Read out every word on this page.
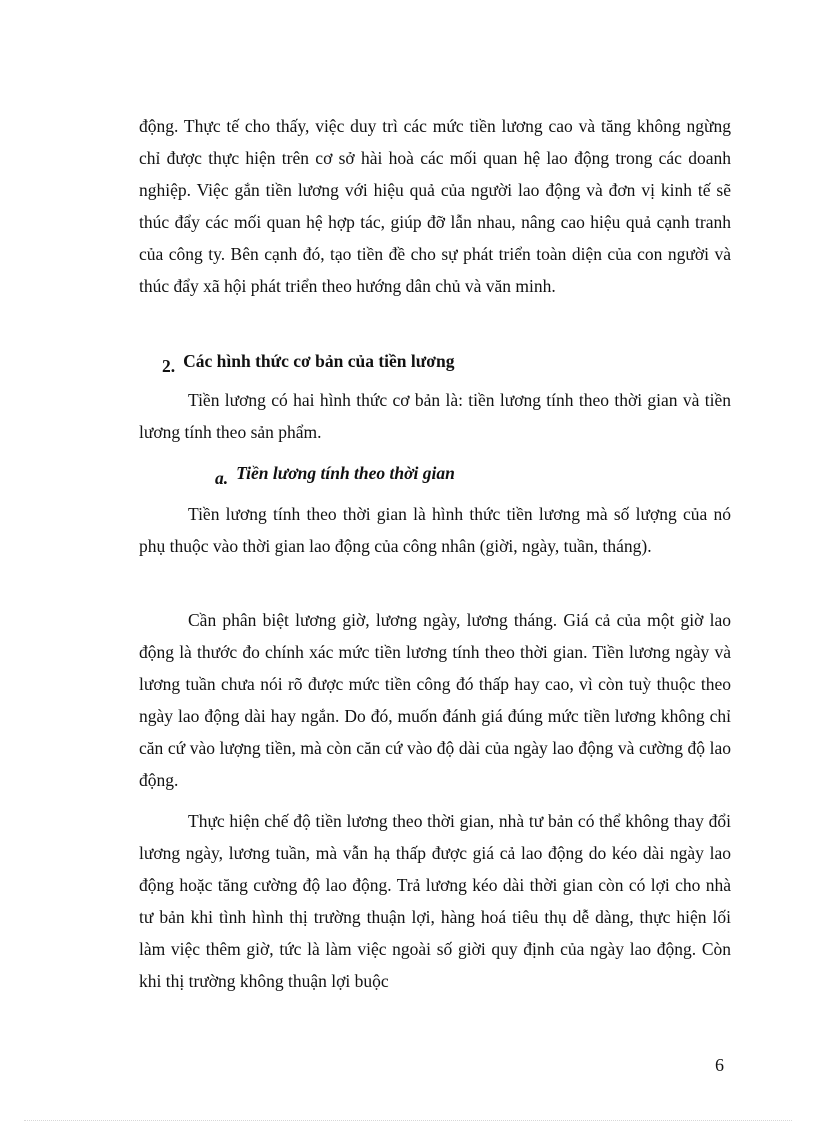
động. Thực tế cho thấy, việc duy trì các mức tiền lương cao và tăng không ngừng chỉ được thực hiện trên cơ sở hài hoà các mối quan hệ lao động trong các doanh nghiệp. Việc gắn tiền lương với hiệu quả của người lao động và đơn vị kinh tế sẽ thúc đẩy các mối quan hệ hợp tác, giúp đỡ lẫn nhau, nâng cao hiệu quả cạnh tranh của công ty. Bên cạnh đó, tạo tiền đề cho sự phát triển toàn diện của con người và thúc đẩy xã hội phát triển theo hướng dân chủ và văn minh.

2. Các hình thức cơ bản của tiền lương

Tiền lương có hai hình thức cơ bản là: tiền lương tính theo thời gian và tiền lương tính theo sản phẩm.

a. Tiền lương tính theo thời gian

Tiền lương tính theo thời gian là hình thức tiền lương mà số lượng của nó phụ thuộc vào thời gian lao động của công nhân (giời, ngày, tuần, tháng).

Cần phân biệt lương giờ, lương ngày, lương tháng. Giá cả của một giờ lao động là thước đo chính xác mức tiền lương tính theo thời gian. Tiền lương ngày và lương tuần chưa nói rõ được mức tiền công đó thấp hay cao, vì còn tuỳ thuộc theo ngày lao động dài hay ngắn. Do đó, muốn đánh giá đúng mức tiền lương không chỉ căn cứ vào lượng tiền, mà còn căn cứ vào độ dài của ngày lao động và cường độ lao động.

Thực hiện chế độ tiền lương theo thời gian, nhà tư bản có thể không thay đổi lương ngày, lương tuần, mà vẫn hạ thấp được giá cả lao động do kéo dài ngày lao động hoặc tăng cường độ lao động. Trả lương kéo dài thời gian còn có lợi cho nhà tư bản khi tình hình thị trường thuận lợi, hàng hoá tiêu thụ dễ dàng, thực hiện lối làm việc thêm giờ, tức là làm việc ngoài số giời quy định của ngày lao động. Còn khi thị trường không thuận lợi buộc

6
